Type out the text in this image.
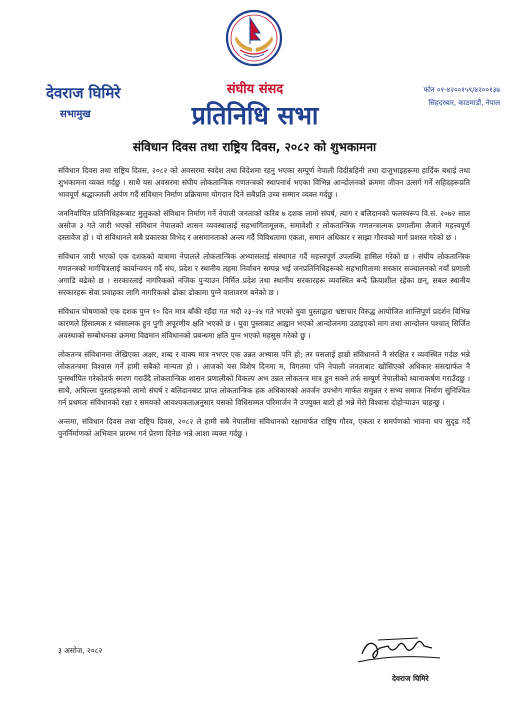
देवराज घिमिरे
सभामुख
संघीय संसद
प्रतिनिधि सभा
फोन ०१-४२००१५९/४२००१३७
सिंहदरबार, काठमाडौं, नेपाल
संविधान दिवस तथा राष्ट्रिय दिवस, २०८२ को शुभकामना

संविधान दिवस तथा राष्ट्रिय दिवस, २०८२ को अवसरमा स्वदेश तथा विदेशमा रहनु भएका सम्पूर्ण नेपाली दिदीबहिनी तथा दाजुभाइहरूमा हार्दिक बधाई तथा शुभकामना व्यक्त गर्दछु । साथै यस अवसरमा संघीय लोकतान्त्रिक गणतन्त्रको स्थापनार्थ भएका विभिन्न आन्दोलनको क्रममा जीवन उत्सर्ग गर्ने सहिदहरूप्रति भावपूर्ण श्रद्धाञ्जली अर्पण गर्दै संविधान निर्माण प्रक्रियामा योगदान दिने सबैप्रति उच्च सम्मान व्यक्त गर्दछु ।

जननिर्वाचित प्रतिनिधिहरूबाट मुलुकको संविधान निर्माण गर्ने नेपाली जनताको करिब ७ दशक लामो संघर्ष, त्याग र बलिदानको फलस्वरूप वि.सं. २०७२ साल असोज ३ गते जारी भएको संविधान नेपालको शासन व्यवस्थालाई सहभागितामूलक, समावेशी र लोकतान्त्रिक गणतन्त्रात्मक प्रणालीमा लैजाने महत्त्वपूर्ण दस्तावेज हो । यो संविधानले सबै प्रकारका विभेद र असमानताको अन्त्य गर्दै विविधतामा एकता, समान अधिकार र साझा गौरवको मार्ग प्रशस्त गरेको छ ।

संविधान जारी भएको एक दशकको यात्रामा नेपालले लोकतान्त्रिक अभ्यासलाई संस्थागत गर्दै महत्त्वपूर्ण उपलब्धि हासिल गरेको छ । संघीय लोकतान्त्रिक गणतन्त्रको मार्गचित्रलाई कार्यान्वयन गर्दै संघ, प्रदेश र स्थानीय तहमा निर्वाचन सम्पन्न भई जनप्रतिनिधिहरूको सहभागितामा सरकार सञ्चालनको नयाँ प्रणाली अगाडि बढेको छ । सरकारलाई नागरिकको नजिक पुर्‍याउन निर्मित प्रदेश तथा स्थानीय सरकारहरू व्यवस्थित बन्दै क्रियाशील रहेका छन्, सबल स्थानीय सरकारहरू सेवा प्रवाहका लागि नागरिकको ढोका ढोकामा पुग्ने वातावरण बनेको छ ।

संविधान घोषणाको एक दशक पुग्न १० दिन मात्र बाँकी रहँदा गत भदौ २३–२४ गते भएको युवा पुस्ताद्वारा भ्रष्टाचार विरुद्ध आयोजित शान्तिपूर्ण प्रदर्शन विभिन्न कारणले हिंसात्मक र ध्वंसात्मक हुन पुगी अपूरणीय क्षति भएको छ । युवा पुस्ताबाट आह्वान भएको आन्दोलनमा उठाइएको माग तथा आन्दोलन पश्चात् सिर्जित अवस्थाको सम्बोधनका क्रममा विद्यमान संविधानको प्रबन्धमा क्षति पुग्न भएको महसुस गरेको छु ।

लोकतन्त्र संविधानमा लेखिएका अक्षर, शब्द र वाक्य मात्र नभएर एक उन्नत अभ्यास पनि हो; तर यसलाई हाम्रो संविधानले नै संरक्षित र व्यवस्थित गर्दछ भन्ने लोकतन्त्रमा विश्वास गर्ने हामी सबैको मान्यता हो । आजको यस विशेष दिनमा म, विगतमा पनि नेपाली जनताबाट खोसिएको अधिकार संसद्मार्फत नै पुनर्स्थापित गरेकोतर्फ स्मरण गराउँदै लोकतान्त्रिक शासन प्रणालीको विकल्प अभ उन्नत लोकतन्त्र मात्र हुन सक्ने तर्फ सम्पूर्ण नेपालीको ध्यानाकर्षण गराउँदछु । साथै, अघिल्ला पुस्ताहरूको लामो संघर्ष र बलिदानबाट प्राप्त लोकतान्त्रिक हक अधिकारको अवर्जन उपभोग मार्फत समुन्नत र सभ्य समाज निर्माण सुनिश्चित गर्न प्रथमतः संविधानको रक्षा र समयको आवश्यकताअनुसार यसको विधिसम्मत परिमार्जन नै उपयुक्त बाटो हो भन्ने मेरो विश्वास दोहोऱ्याउन चाहन्छु ।

अन्तमा, संविधान दिवस तथा राष्ट्रिय दिवस, २०८२ ले हामी सबै नेपालीमा संविधानको रक्षामार्फत राष्ट्रिय गौरव, एकता र समर्पणको भावना थप सुदृढ गर्दै पुनर्निर्माणको अभियान प्रारम्भ गर्न प्रेरणा दिनेछ भन्ने आशा व्यक्त गर्दछु ।

३ असोज, २०८२
देवराज घिमिरे
